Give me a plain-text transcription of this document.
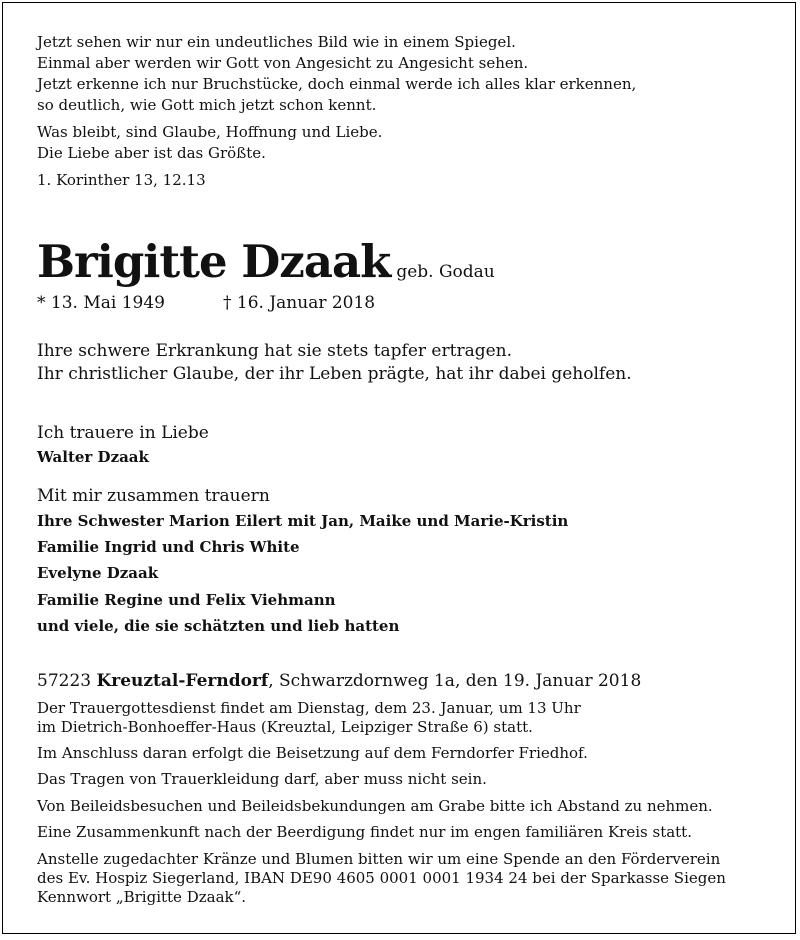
Jetzt sehen wir nur ein undeutliches Bild wie in einem Spiegel.
Einmal aber werden wir Gott von Angesicht zu Angesicht sehen.
Jetzt erkenne ich nur Bruchstücke, doch einmal werde ich alles klar erkennen,
so deutlich, wie Gott mich jetzt schon kennt.
Was bleibt, sind Glaube, Hoffnung und Liebe.
Die Liebe aber ist das Größte.
1. Korinther 13, 12.13
Brigitte Dzaak geb. Godau
* 13. Mai 1949	† 16. Januar 2018
Ihre schwere Erkrankung hat sie stets tapfer ertragen.
Ihr christlicher Glaube, der ihr Leben prägte, hat ihr dabei geholfen.
Ich trauere in Liebe
Walter Dzaak
Mit mir zusammen trauern
Ihre Schwester Marion Eilert mit Jan, Maike und Marie-Kristin
Familie Ingrid und Chris White
Evelyne Dzaak
Familie Regine und Felix Viehmann
und viele, die sie schätzten und lieb hatten
57223 Kreuztal-Ferndorf, Schwarzdornweg 1a, den 19. Januar 2018
Der Trauergottesdienst findet am Dienstag, dem 23. Januar, um 13 Uhr
im Dietrich-Bonhoeffer-Haus (Kreuztal, Leipziger Straße 6) statt.
Im Anschluss daran erfolgt die Beisetzung auf dem Ferndorfer Friedhof.
Das Tragen von Trauerkleidung darf, aber muss nicht sein.
Von Beileidsbesuchen und Beileidsbekundungen am Grabe bitte ich Abstand zu nehmen.
Eine Zusammenkunft nach der Beerdigung findet nur im engen familiären Kreis statt.
Anstelle zugedachter Kränze und Blumen bitten wir um eine Spende an den Förderverein
des Ev. Hospiz Siegerland, IBAN DE90 4605 0001 0001 1934 24 bei der Sparkasse Siegen
Kennwort „Brigitte Dzaak“.
